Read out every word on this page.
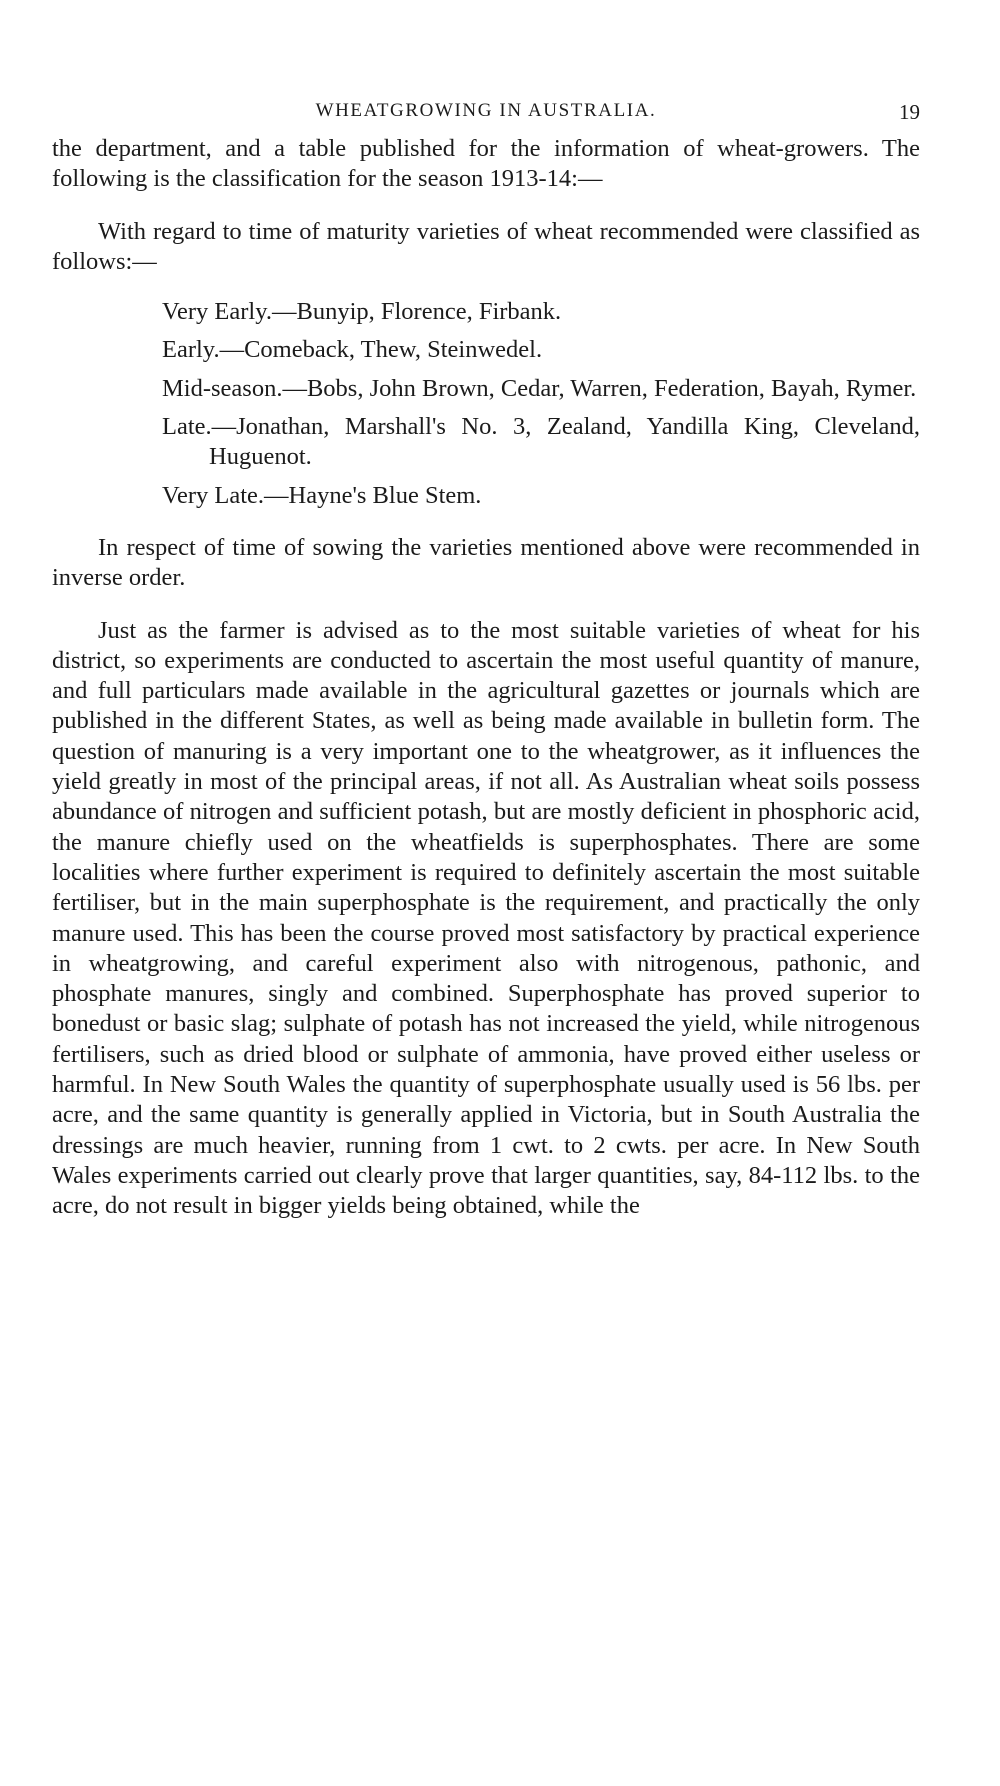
WHEATGROWING IN AUSTRALIA.	19

the department, and a table published for the information of wheat-growers. The following is the classification for the season 1913-14:—

With regard to time of maturity varieties of wheat recommended were classified as follows:—

Very Early.—Bunyip, Florence, Firbank.
Early.—Comeback, Thew, Steinwedel.
Mid-season.—Bobs, John Brown, Cedar, Warren, Federation, Bayah, Rymer.
Late.—Jonathan, Marshall's No. 3, Zealand, Yandilla King, Cleveland, Huguenot.
Very Late.—Hayne's Blue Stem.

In respect of time of sowing the varieties mentioned above were recommended in inverse order.

Just as the farmer is advised as to the most suitable varieties of wheat for his district, so experiments are conducted to ascertain the most useful quantity of manure, and full particulars made available in the agricultural gazettes or journals which are published in the different States, as well as being made available in bulletin form. The question of manuring is a very important one to the wheatgrower, as it influences the yield greatly in most of the principal areas, if not all. As Australian wheat soils possess abundance of nitrogen and sufficient potash, but are mostly deficient in phosphoric acid, the manure chiefly used on the wheatfields is superphosphates. There are some localities where further experiment is required to definitely ascertain the most suitable fertiliser, but in the main superphosphate is the requirement, and practically the only manure used. This has been the course proved most satisfactory by practical experience in wheatgrowing, and careful experiment also with nitrogenous, pathonic, and phosphate manures, singly and combined. Superphosphate has proved superior to bonedust or basic slag; sulphate of potash has not increased the yield, while nitrogenous fertilisers, such as dried blood or sulphate of ammonia, have proved either useless or harmful. In New South Wales the quantity of superphosphate usually used is 56 lbs. per acre, and the same quantity is generally applied in Victoria, but in South Australia the dressings are much heavier, running from 1 cwt. to 2 cwts. per acre. In New South Wales experiments carried out clearly prove that larger quantities, say, 84-112 lbs. to the acre, do not result in bigger yields being obtained, while the
